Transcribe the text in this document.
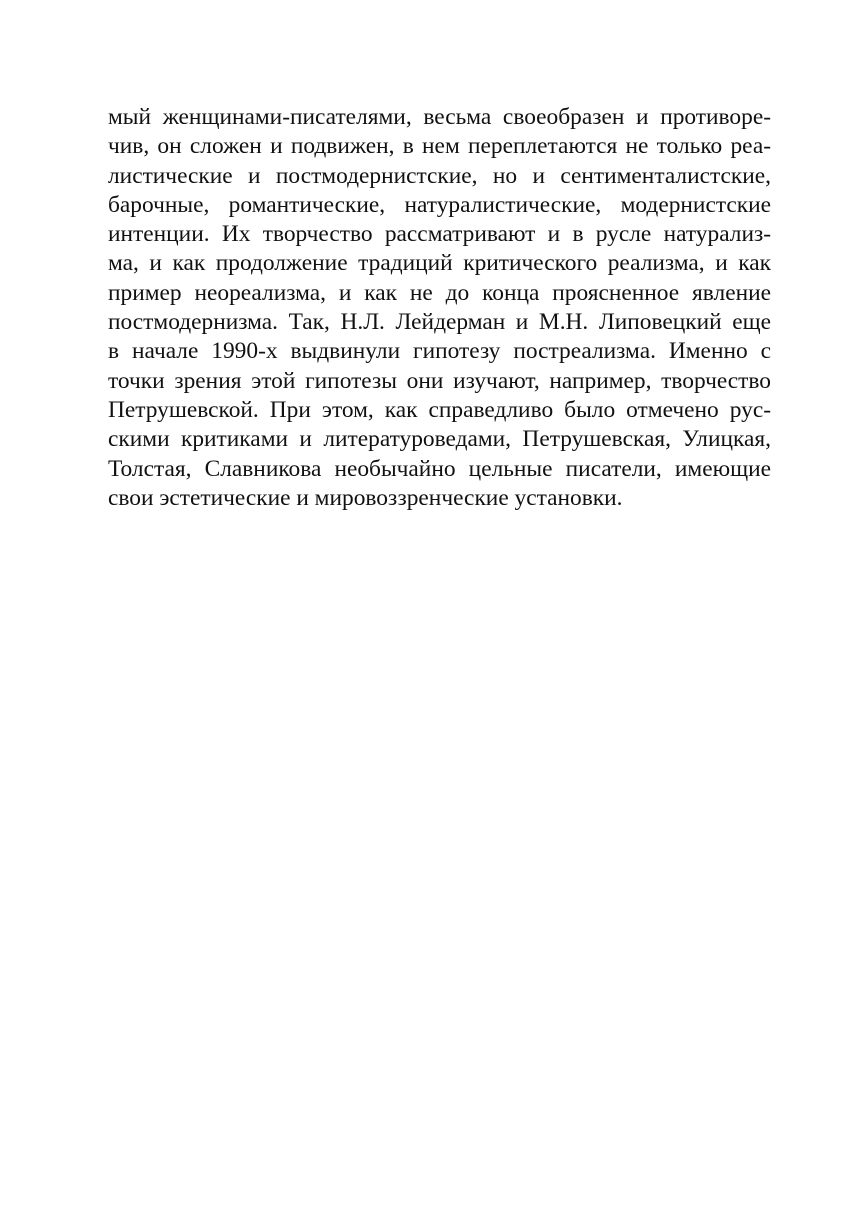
мый женщинами-писателями, весьма своеобразен и противоре-
чив, он сложен и подвижен, в нем переплетаются не только реа-
листические и постмодернистские, но и сентименталистские,
барочные, романтические, натуралистические, модернистские
интенции. Их творчество рассматривают и в русле натурализ-
ма, и как продолжение традиций критического реализма, и как
пример неореализма, и как не до конца проясненное явление
постмодернизма. Так, Н.Л. Лейдерман и М.Н. Липовецкий еще
в начале 1990-х выдвинули гипотезу постреализма. Именно с
точки зрения этой гипотезы они изучают, например, творчество
Петрушевской. При этом, как справедливо было отмечено рус-
скими критиками и литературоведами, Петрушевская, Улицкая,
Толстая, Славникова необычайно цельные писатели, имеющие
свои эстетические и мировоззренческие установки.
